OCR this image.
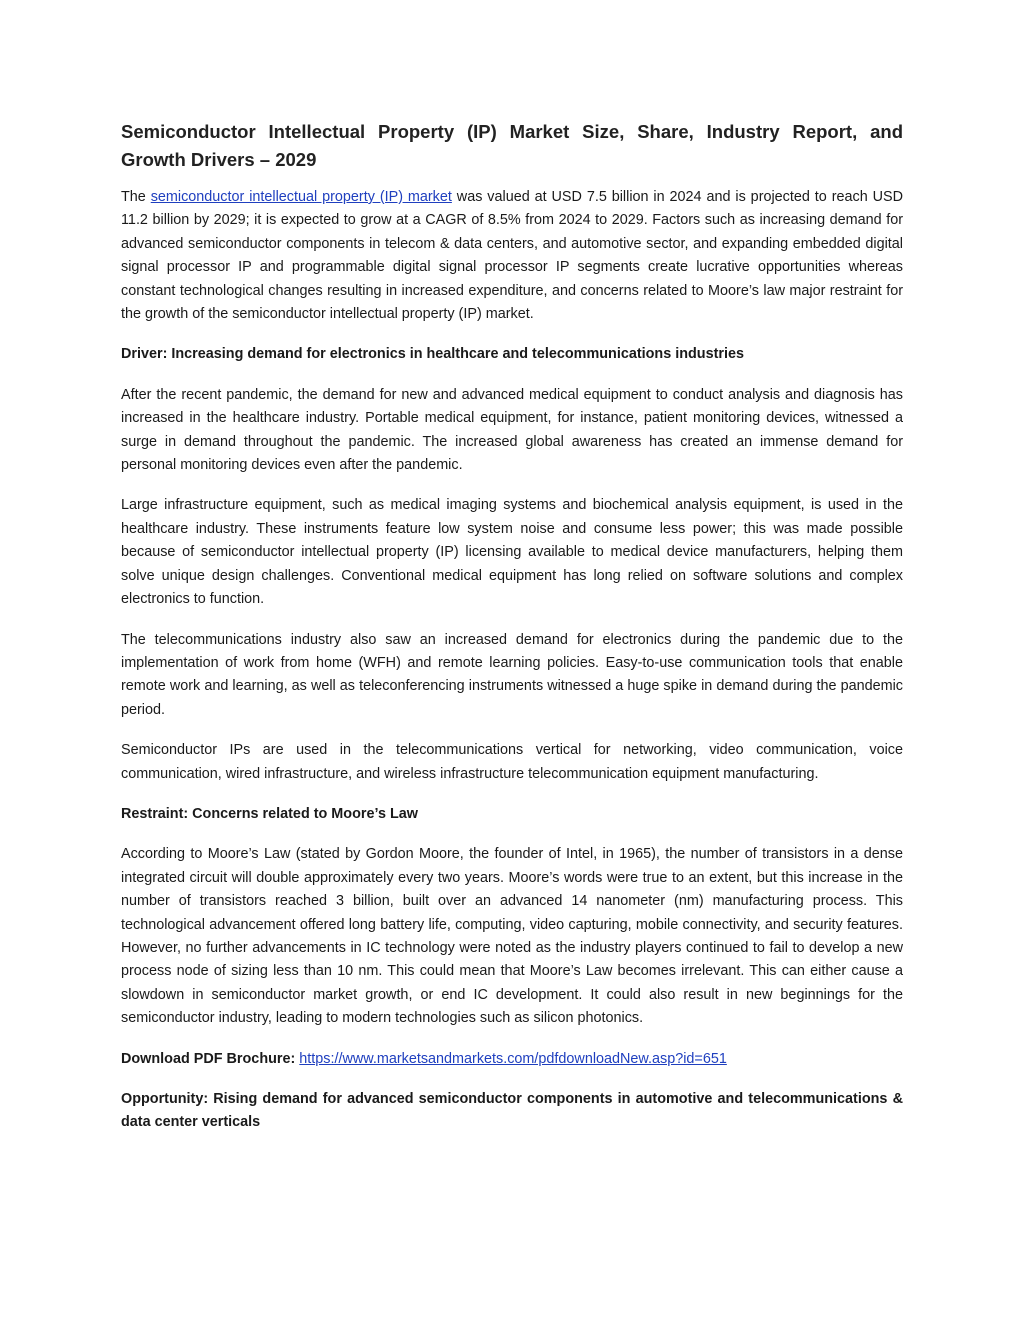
Semiconductor Intellectual Property (IP) Market Size, Share, Industry Report, and Growth Drivers – 2029

The semiconductor intellectual property (IP) market was valued at USD 7.5 billion in 2024 and is projected to reach USD 11.2 billion by 2029; it is expected to grow at a CAGR of 8.5% from 2024 to 2029. Factors such as increasing demand for advanced semiconductor components in telecom & data centers, and automotive sector, and expanding embedded digital signal processor IP and programmable digital signal processor IP segments create lucrative opportunities whereas constant technological changes resulting in increased expenditure, and concerns related to Moore’s law major restraint for the growth of the semiconductor intellectual property (IP) market.

Driver: Increasing demand for electronics in healthcare and telecommunications industries

After the recent pandemic, the demand for new and advanced medical equipment to conduct analysis and diagnosis has increased in the healthcare industry. Portable medical equipment, for instance, patient monitoring devices, witnessed a surge in demand throughout the pandemic. The increased global awareness has created an immense demand for personal monitoring devices even after the pandemic.

Large infrastructure equipment, such as medical imaging systems and biochemical analysis equipment, is used in the healthcare industry. These instruments feature low system noise and consume less power; this was made possible because of semiconductor intellectual property (IP) licensing available to medical device manufacturers, helping them solve unique design challenges. Conventional medical equipment has long relied on software solutions and complex electronics to function.

The telecommunications industry also saw an increased demand for electronics during the pandemic due to the implementation of work from home (WFH) and remote learning policies. Easy-to-use communication tools that enable remote work and learning, as well as teleconferencing instruments witnessed a huge spike in demand during the pandemic period.

Semiconductor IPs are used in the telecommunications vertical for networking, video communication, voice communication, wired infrastructure, and wireless infrastructure telecommunication equipment manufacturing.

Restraint: Concerns related to Moore’s Law

According to Moore’s Law (stated by Gordon Moore, the founder of Intel, in 1965), the number of transistors in a dense integrated circuit will double approximately every two years. Moore’s words were true to an extent, but this increase in the number of transistors reached 3 billion, built over an advanced 14 nanometer (nm) manufacturing process. This technological advancement offered long battery life, computing, video capturing, mobile connectivity, and security features. However, no further advancements in IC technology were noted as the industry players continued to fail to develop a new process node of sizing less than 10 nm. This could mean that Moore’s Law becomes irrelevant. This can either cause a slowdown in semiconductor market growth, or end IC development. It could also result in new beginnings for the semiconductor industry, leading to modern technologies such as silicon photonics.

Download PDF Brochure: https://www.marketsandmarkets.com/pdfdownloadNew.asp?id=651

Opportunity: Rising demand for advanced semiconductor components in automotive and telecommunications & data center verticals
